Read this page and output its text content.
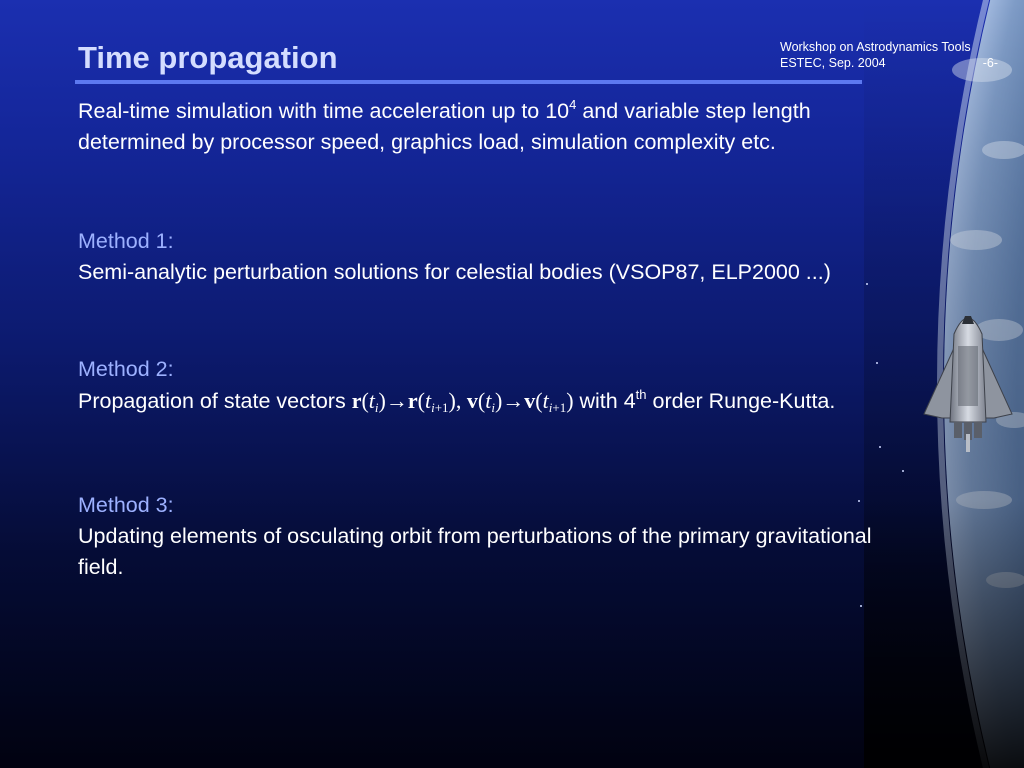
Workshop on Astrodynamics Tools
ESTEC, Sep. 2004	-6-
Time propagation

Real-time simulation with time acceleration up to $10^4$ and variable step length determined by processor speed, graphics load, simulation complexity etc.

Method 1:

Semi-analytic perturbation solutions for celestial bodies (VSOP87, ELP2000 ...)

Method 2:

Propagation of state vectors $r(t_i)\to r(t_{i+1})$, $v(t_i)\to v(t_{i+1})$ with 4th order Runge-Kutta.

Method 3:

Updating elements of osculating orbit from perturbations of the primary gravitational field.
